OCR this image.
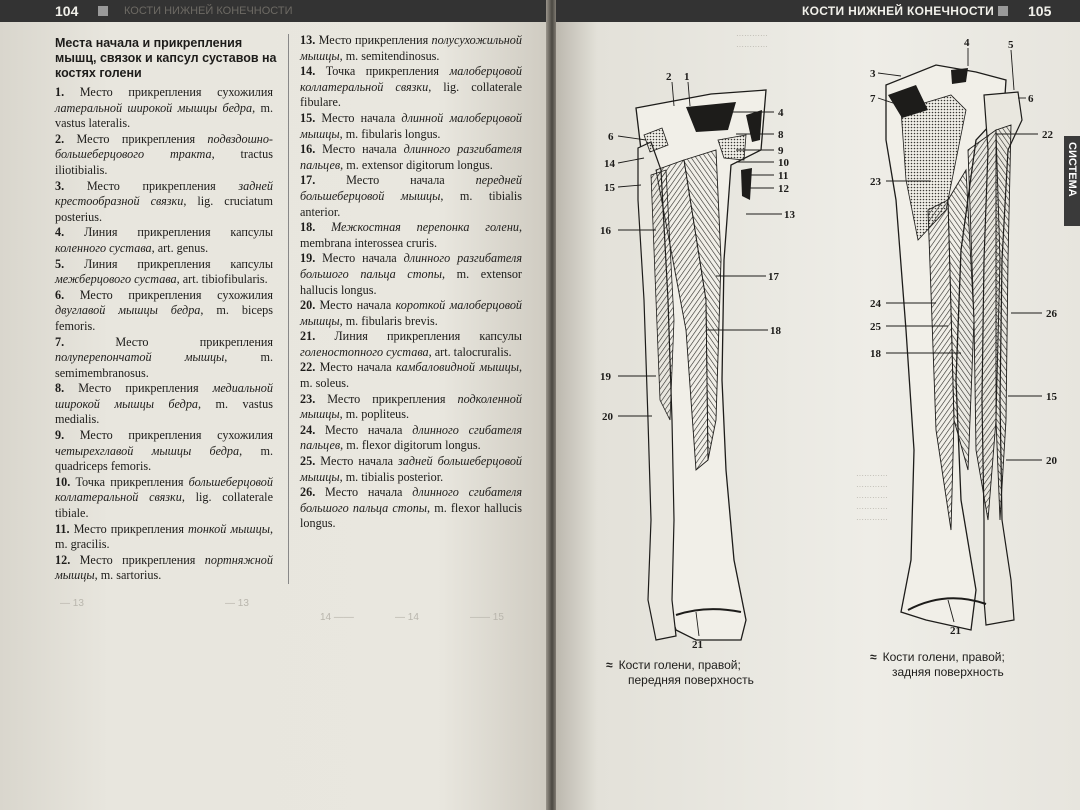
104	КОСТИ НИЖНЕЙ КОНЕЧНОСТИ
Места начала и прикрепления мышц, связок и капсул суставов на костях голени
1. Место прикрепления сухожилия латеральной широкой мышцы бедра, m. vastus lateralis.
2. Место прикрепления подвздошно-большеберцового тракта, tractus iliotibialis.
3. Место прикрепления задней крестообразной связки, lig. cruciatum posterius.
4. Линия прикрепления капсулы коленного сустава, art. genus.
5. Линия прикрепления капсулы межберцового сустава, art. tibiofibularis.
6. Место прикрепления сухожилия двуглавой мышцы бедра, m. biceps femoris.
7. Место прикрепления полуперепончатой мышцы, m. semimembranosus.
8. Место прикрепления медиальной широкой мышцы бедра, m. vastus medialis.
9. Место прикрепления сухожилия четырехглавой мышцы бедра, m. quadriceps femoris.
10. Точка прикрепления большеберцовой коллатеральной связки, lig. collaterale tibiale.
11. Место прикрепления тонкой мышцы, m. gracilis.
12. Место прикрепления портняжной мышцы, m. sartorius.
13. Место прикрепления полусухожильной мышцы, m. semitendinosus.
14. Точка прикрепления малоберцовой коллатеральной связки, lig. collaterale fibulare.
15. Место начала длинной малоберцовой мышцы, m. fibularis longus.
16. Место начала длинного разгибателя пальцев, m. extensor digitorum longus.
17. Место начала передней большеберцовой мышцы, m. tibialis anterior.
18. Межкостная перепонка голени, membrana interossea cruris.
19. Место начала длинного разгибателя большого пальца стопы, m. extensor hallucis longus.
20. Место начала короткой малоберцовой мышцы, m. fibularis brevis.
21. Линия прикрепления капсулы голеностопного сустава, art. talocruralis.
22. Место начала камбаловидной мышцы, m. soleus.
23. Место прикрепления подколенной мышцы, m. popliteus.
24. Место начала длинного сгибателя пальцев, m. flexor digitorum longus.
25. Место начала задней большеберцовой мышцы, m. tibialis posterior.
26. Место начала длинного сгибателя большого пальца стопы, m. flexor hallucis longus.
— 13	— 13
14 ——	— 14	—— 15
КОСТИ НИЖНЕЙ КОНЕЧНОСТИ 105
СИСТЕМА
············
············
············
············
············
············
············
2 1
4
6	8
9
14	10
11
15	12
13
16
17
18
19
20
21
4	5
3
7	6
22
23
24
26
25
18
15
20
21
≈ Кости голени, правой;
передняя поверхность
≈ Кости голени, правой;
задняя поверхность
